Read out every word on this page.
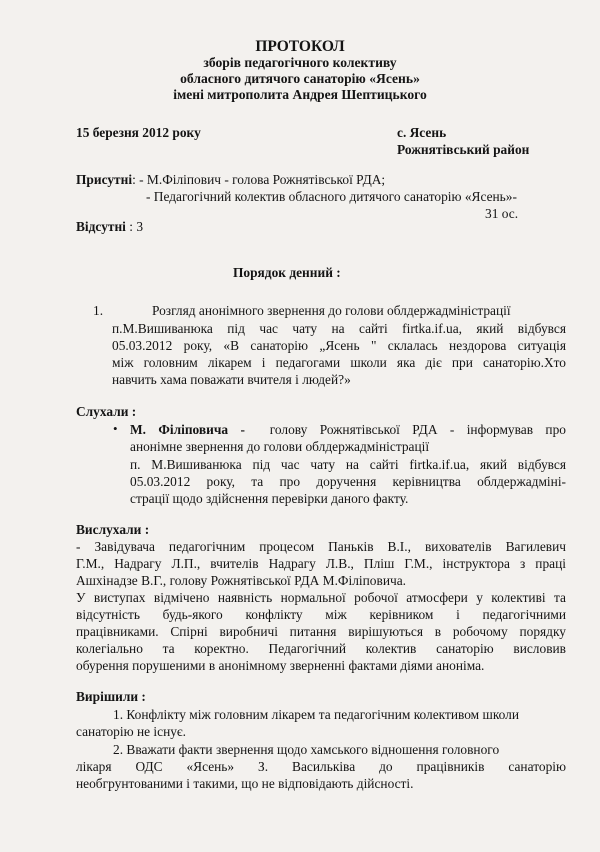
ПРОТОКОЛ
зборів педагогічного колективу
обласного дитячого санаторію «Ясень»
імені митрополита Андрея Шептицького
15 березня 2012 року	с. Ясень
Рожнятівський район
Присутні: - М.Філіпович - голова Рожнятівської РДА;
- Педагогічний колектив обласного дитячого санаторію «Ясень»-
31 ос.
Відсутні : 3
Порядок денний :
1.	Розгляд анонімного звернення до голови облдержадміністрації
п.М.Вишиванюка під час чату на сайті firtka.if.ua, який відбувся
05.03.2012 року, «В санаторію „Ясень " склалась нездорова ситуація
між головним лікарем і педагогами школи яка діє при санаторію.Хто
навчить хама поважати вчителя і людей?»
Слухали :
• М. Філіповича - голову Рожнятівської РДА - інформував про
анонімне звернення до голови облдержадміністрації
п. М.Вишиванюка під час чату на сайті firtka.if.ua, який відбувся
05.03.2012 року, та про доручення керівництва облдержадміні-
страції щодо здійснення перевірки даного факту.
Вислухали :
- Завідувача педагогічним процесом Паньків В.І., вихователів Вагилевич
Г.М., Надрагу Л.П., вчителів Надрагу Л.В., Пліш Г.М., інструктора з праці
Ашхінадзе В.Г., голову Рожнятівської РДА М.Філіповича.
У виступах відмічено наявність нормальної робочої атмосфери у колективі та
відсутність будь-якого конфлікту між керівником і педагогічними
працівниками. Спірні виробничі питання вирішуються в робочому порядку
колегіально та коректно. Педагогічний колектив санаторію висловив
обурення порушеними в анонімному зверненні фактами діями аноніма.
Вирішили :
1. Конфлікту між головним лікарем та педагогічним колективом школи
санаторію не існує.
2. Вважати факти звернення щодо хамського відношення головного
лікаря ОДС «Ясень» З. Васильківа до працівників санаторію
необгрунтованими і такими, що не відповідають дійсності.
